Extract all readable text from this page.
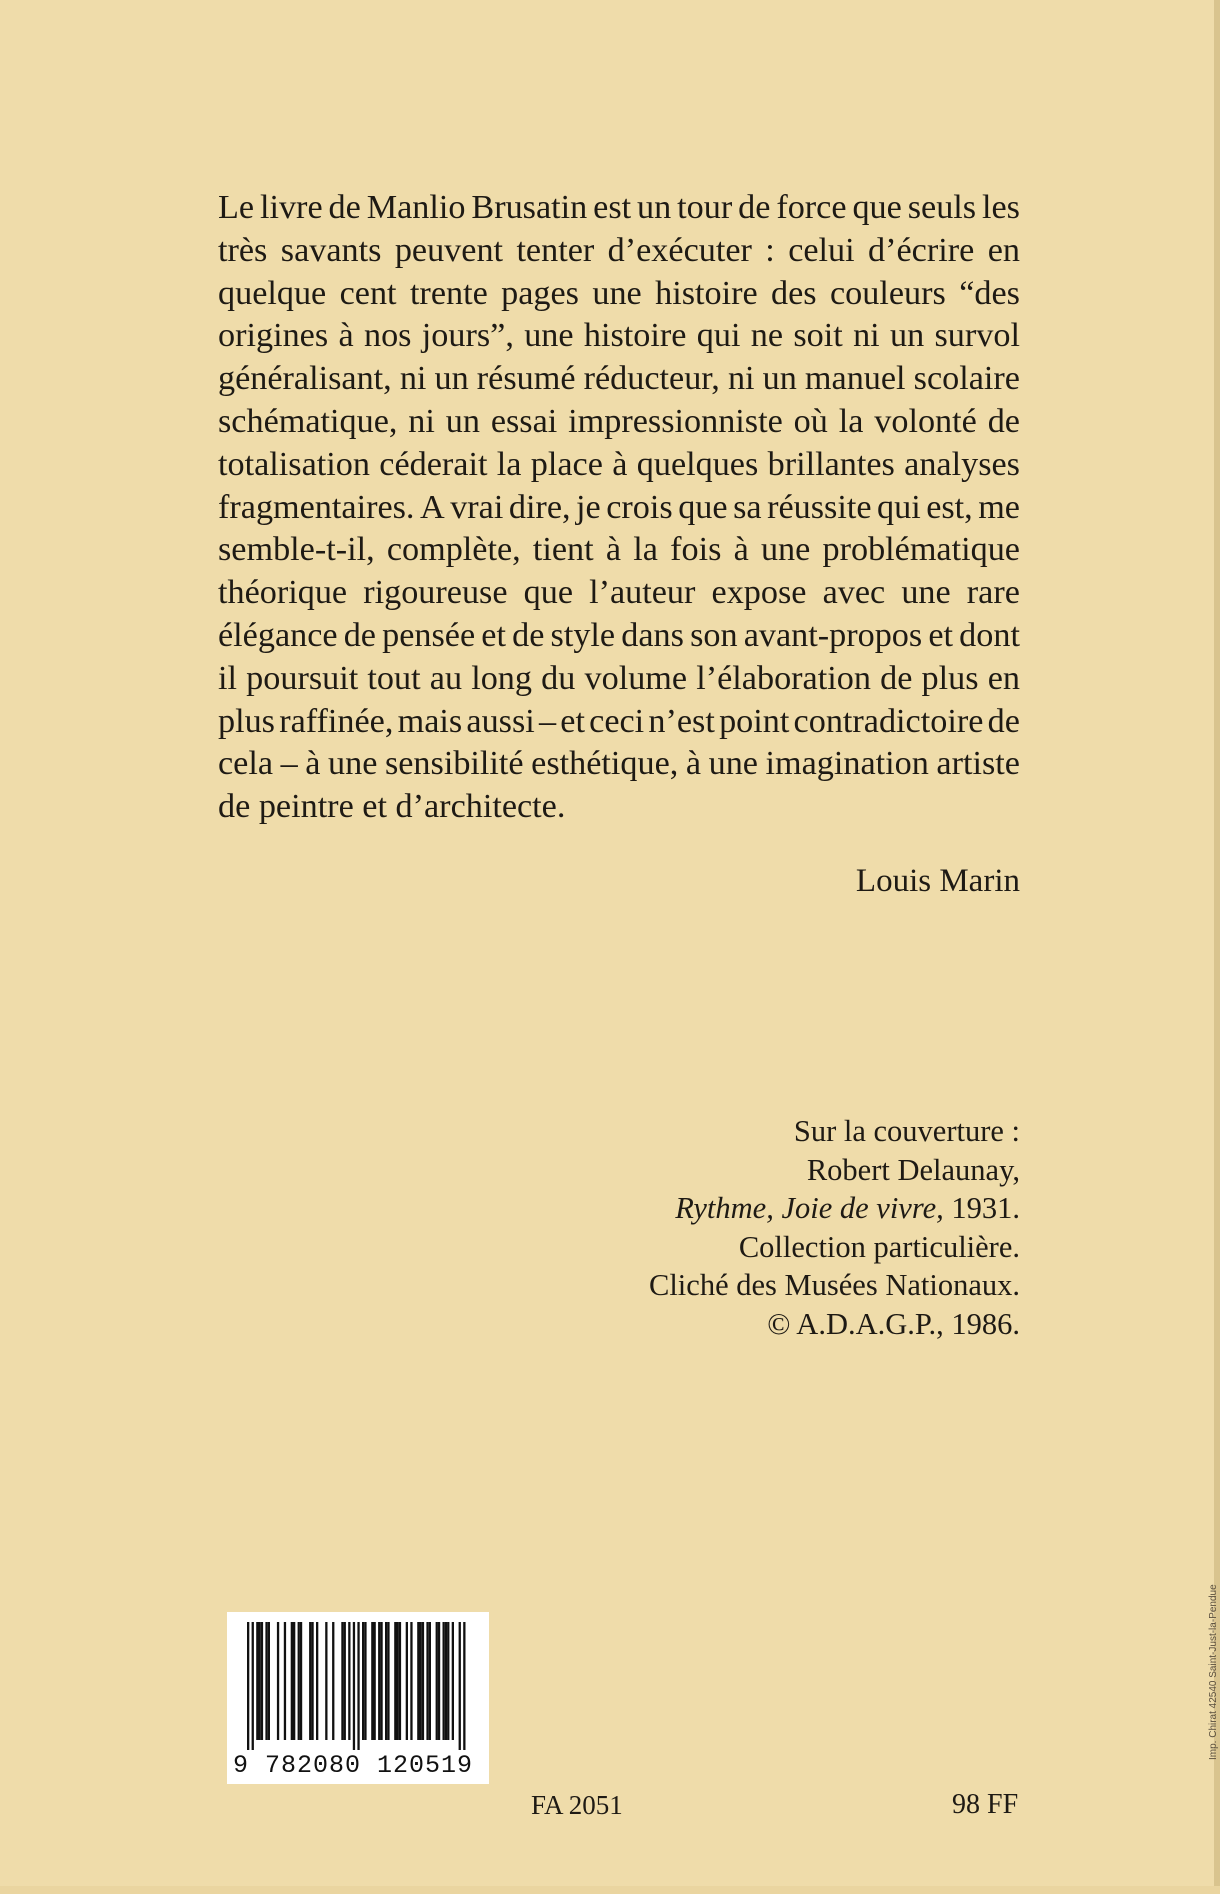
Le livre de Manlio Brusatin est un tour de force que seuls les
très savants peuvent tenter d’exécuter : celui d’écrire en
quelque cent trente pages une histoire des couleurs “des
origines à nos jours”, une histoire qui ne soit ni un survol
généralisant, ni un résumé réducteur, ni un manuel scolaire
schématique, ni un essai impressionniste où la volonté de
totalisation céderait la place à quelques brillantes analyses
fragmentaires. A vrai dire, je crois que sa réussite qui est, me
semble-t-il, complète, tient à la fois à une problématique
théorique rigoureuse que l’auteur expose avec une rare
élégance de pensée et de style dans son avant-propos et dont
il poursuit tout au long du volume l’élaboration de plus en
plus raffinée, mais aussi – et ceci n’est point contradictoire de
cela – à une sensibilité esthétique, à une imagination artiste
de peintre et d’architecte.
Louis Marin
Sur la couverture :
Robert Delaunay,
Rythme, Joie de vivre, 1931.
Collection particulière.
Cliché des Musées Nationaux.
© A.D.A.G.P., 1986.
9 782080 120519
FA 2051	98 FF
Imp. Chirat 42540 Saint-Just-la-Pendue
